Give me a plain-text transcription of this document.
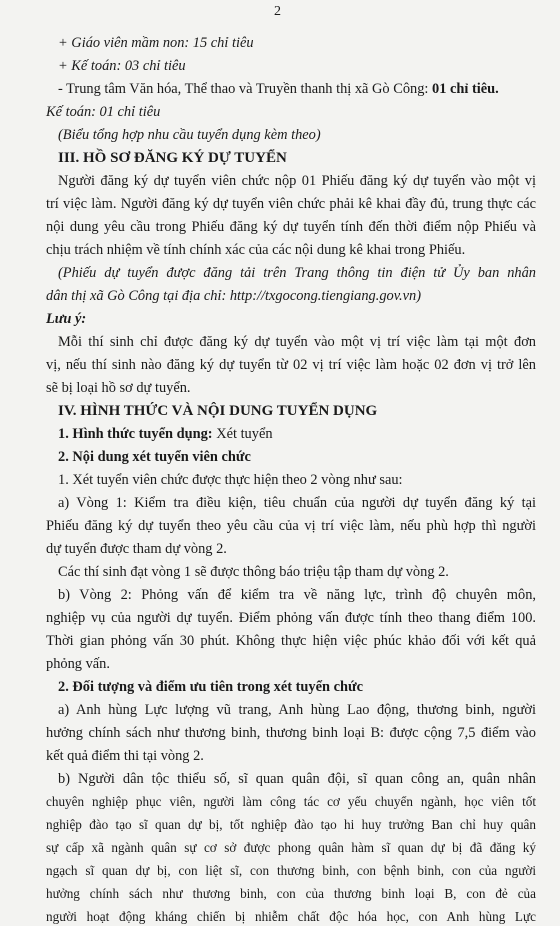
2
+ Giáo viên mầm non: 15 chỉ tiêu
+ Kế toán: 03 chỉ tiêu
- Trung tâm Văn hóa, Thể thao và Truyền thanh thị xã Gò Công: 01 chỉ tiêu.
Kế toán: 01 chỉ tiêu
(Biểu tổng hợp nhu cầu tuyển dụng kèm theo)
III. HỒ SƠ ĐĂNG KÝ DỰ TUYỂN
Người đăng ký dự tuyển viên chức nộp 01 Phiếu đăng ký dự tuyển vào một vị
trí việc làm. Người đăng ký dự tuyển viên chức phải kê khai đầy đủ, trung thực các
nội dung yêu cầu trong Phiếu đăng ký dự tuyển tính đến thời điểm nộp Phiếu và
chịu trách nhiệm về tính chính xác của các nội dung kê khai trong Phiếu.
(Phiếu dự tuyển được đăng tải trên Trang thông tin điện tử Ủy ban nhân
dân thị xã Gò Công tại địa chỉ: http://txgocong.tiengiang.gov.vn)
Lưu ý:
Mỗi thí sinh chỉ được đăng ký dự tuyển vào một vị trí việc làm tại một đơn
vị, nếu thí sinh nào đăng ký dự tuyển từ 02 vị trí việc làm hoặc 02 đơn vị trở lên
sẽ bị loại hồ sơ dự tuyển.
IV. HÌNH THỨC VÀ NỘI DUNG TUYỂN DỤNG
1. Hình thức tuyển dụng: Xét tuyển
2. Nội dung xét tuyển viên chức
1. Xét tuyển viên chức được thực hiện theo 2 vòng như sau:
a) Vòng 1: Kiểm tra điều kiện, tiêu chuẩn của người dự tuyển đăng ký tại
Phiếu đăng ký dự tuyển theo yêu cầu của vị trí việc làm, nếu phù hợp thì người
dự tuyển được tham dự vòng 2.
Các thí sinh đạt vòng 1 sẽ được thông báo triệu tập tham dự vòng 2.
b) Vòng 2: Phỏng vấn để kiểm tra về năng lực, trình độ chuyên môn,
nghiệp vụ của người dự tuyển. Điểm phỏng vấn được tính theo thang điểm 100.
Thời gian phỏng vấn 30 phút. Không thực hiện việc phúc khảo đối với kết quả
phỏng vấn.
2. Đối tượng và điểm ưu tiên trong xét tuyển chức
a) Anh hùng Lực lượng vũ trang, Anh hùng Lao động, thương binh, người
hưởng chính sách như thương binh, thương binh loại B: được cộng 7,5 điểm vào
kết quả điểm thi tại vòng 2.
b) Người dân tộc thiểu số, sĩ quan quân đội, sĩ quan công an, quân nhân
chuyên nghiệp phục viên, người làm công tác cơ yếu chuyển ngành, học viên tốt
nghiệp đào tạo sĩ quan dự bị, tốt nghiệp đào tạo hi huy trưởng Ban chỉ huy quân
sự cấp xã ngành quân sự cơ sở được phong quân hàm sĩ quan dự bị đã đăng ký
ngạch sĩ quan dự bị, con liệt sĩ, con thương binh, con bệnh binh, con của người
hưởng chính sách như thương binh, con của thương binh loại B, con đẻ của
người hoạt động kháng chiến bị nhiễm chất độc hóa học, con Anh hùng Lực
